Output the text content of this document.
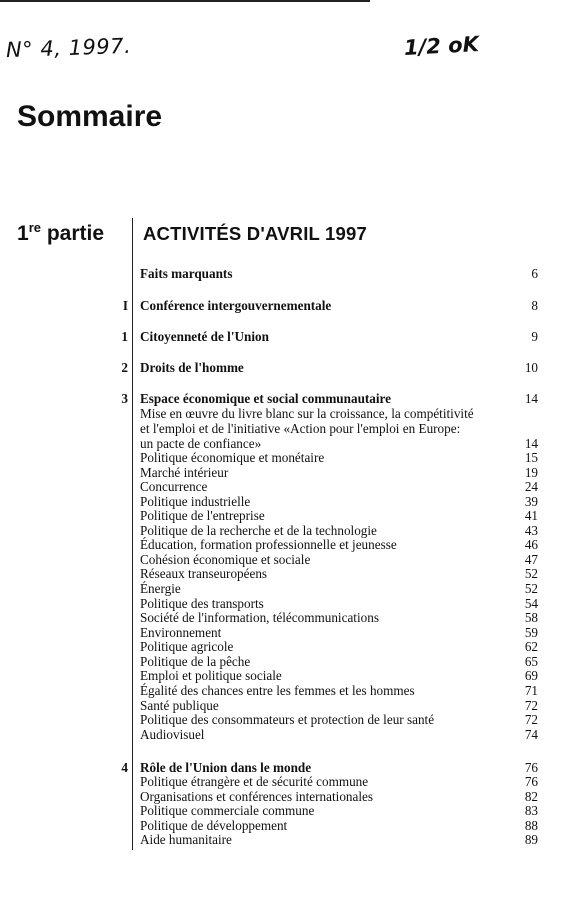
N° 4, 1997.	1/2 oK
Sommaire
1re partie ACTIVITÉS D'AVRIL 1997
Faits marquants	6
I Conférence intergouvernementale	8
1 Citoyenneté de l'Union	9
2 Droits de l'homme	10
3 Espace économique et social communautaire	14
Mise en œuvre du livre blanc sur la croissance, la compétitivité
et l'emploi et de l'initiative «Action pour l'emploi en Europe:
un pacte de confiance»	14
Politique économique et monétaire	15
Marché intérieur	19
Concurrence	24
Politique industrielle	39
Politique de l'entreprise	41
Politique de la recherche et de la technologie	43
Éducation, formation professionnelle et jeunesse	46
Cohésion économique et sociale	47
Réseaux transeuropéens	52
Énergie	52
Politique des transports	54
Société de l'information, télécommunications	58
Environnement	59
Politique agricole	62
Politique de la pêche	65
Emploi et politique sociale	69
Égalité des chances entre les femmes et les hommes	71
Santé publique	72
Politique des consommateurs et protection de leur santé	72
Audiovisuel	74
4 Rôle de l'Union dans le monde	76
Politique étrangère et de sécurité commune	76
Organisations et conférences internationales	82
Politique commerciale commune	83
Politique de développement	88
Aide humanitaire	89
